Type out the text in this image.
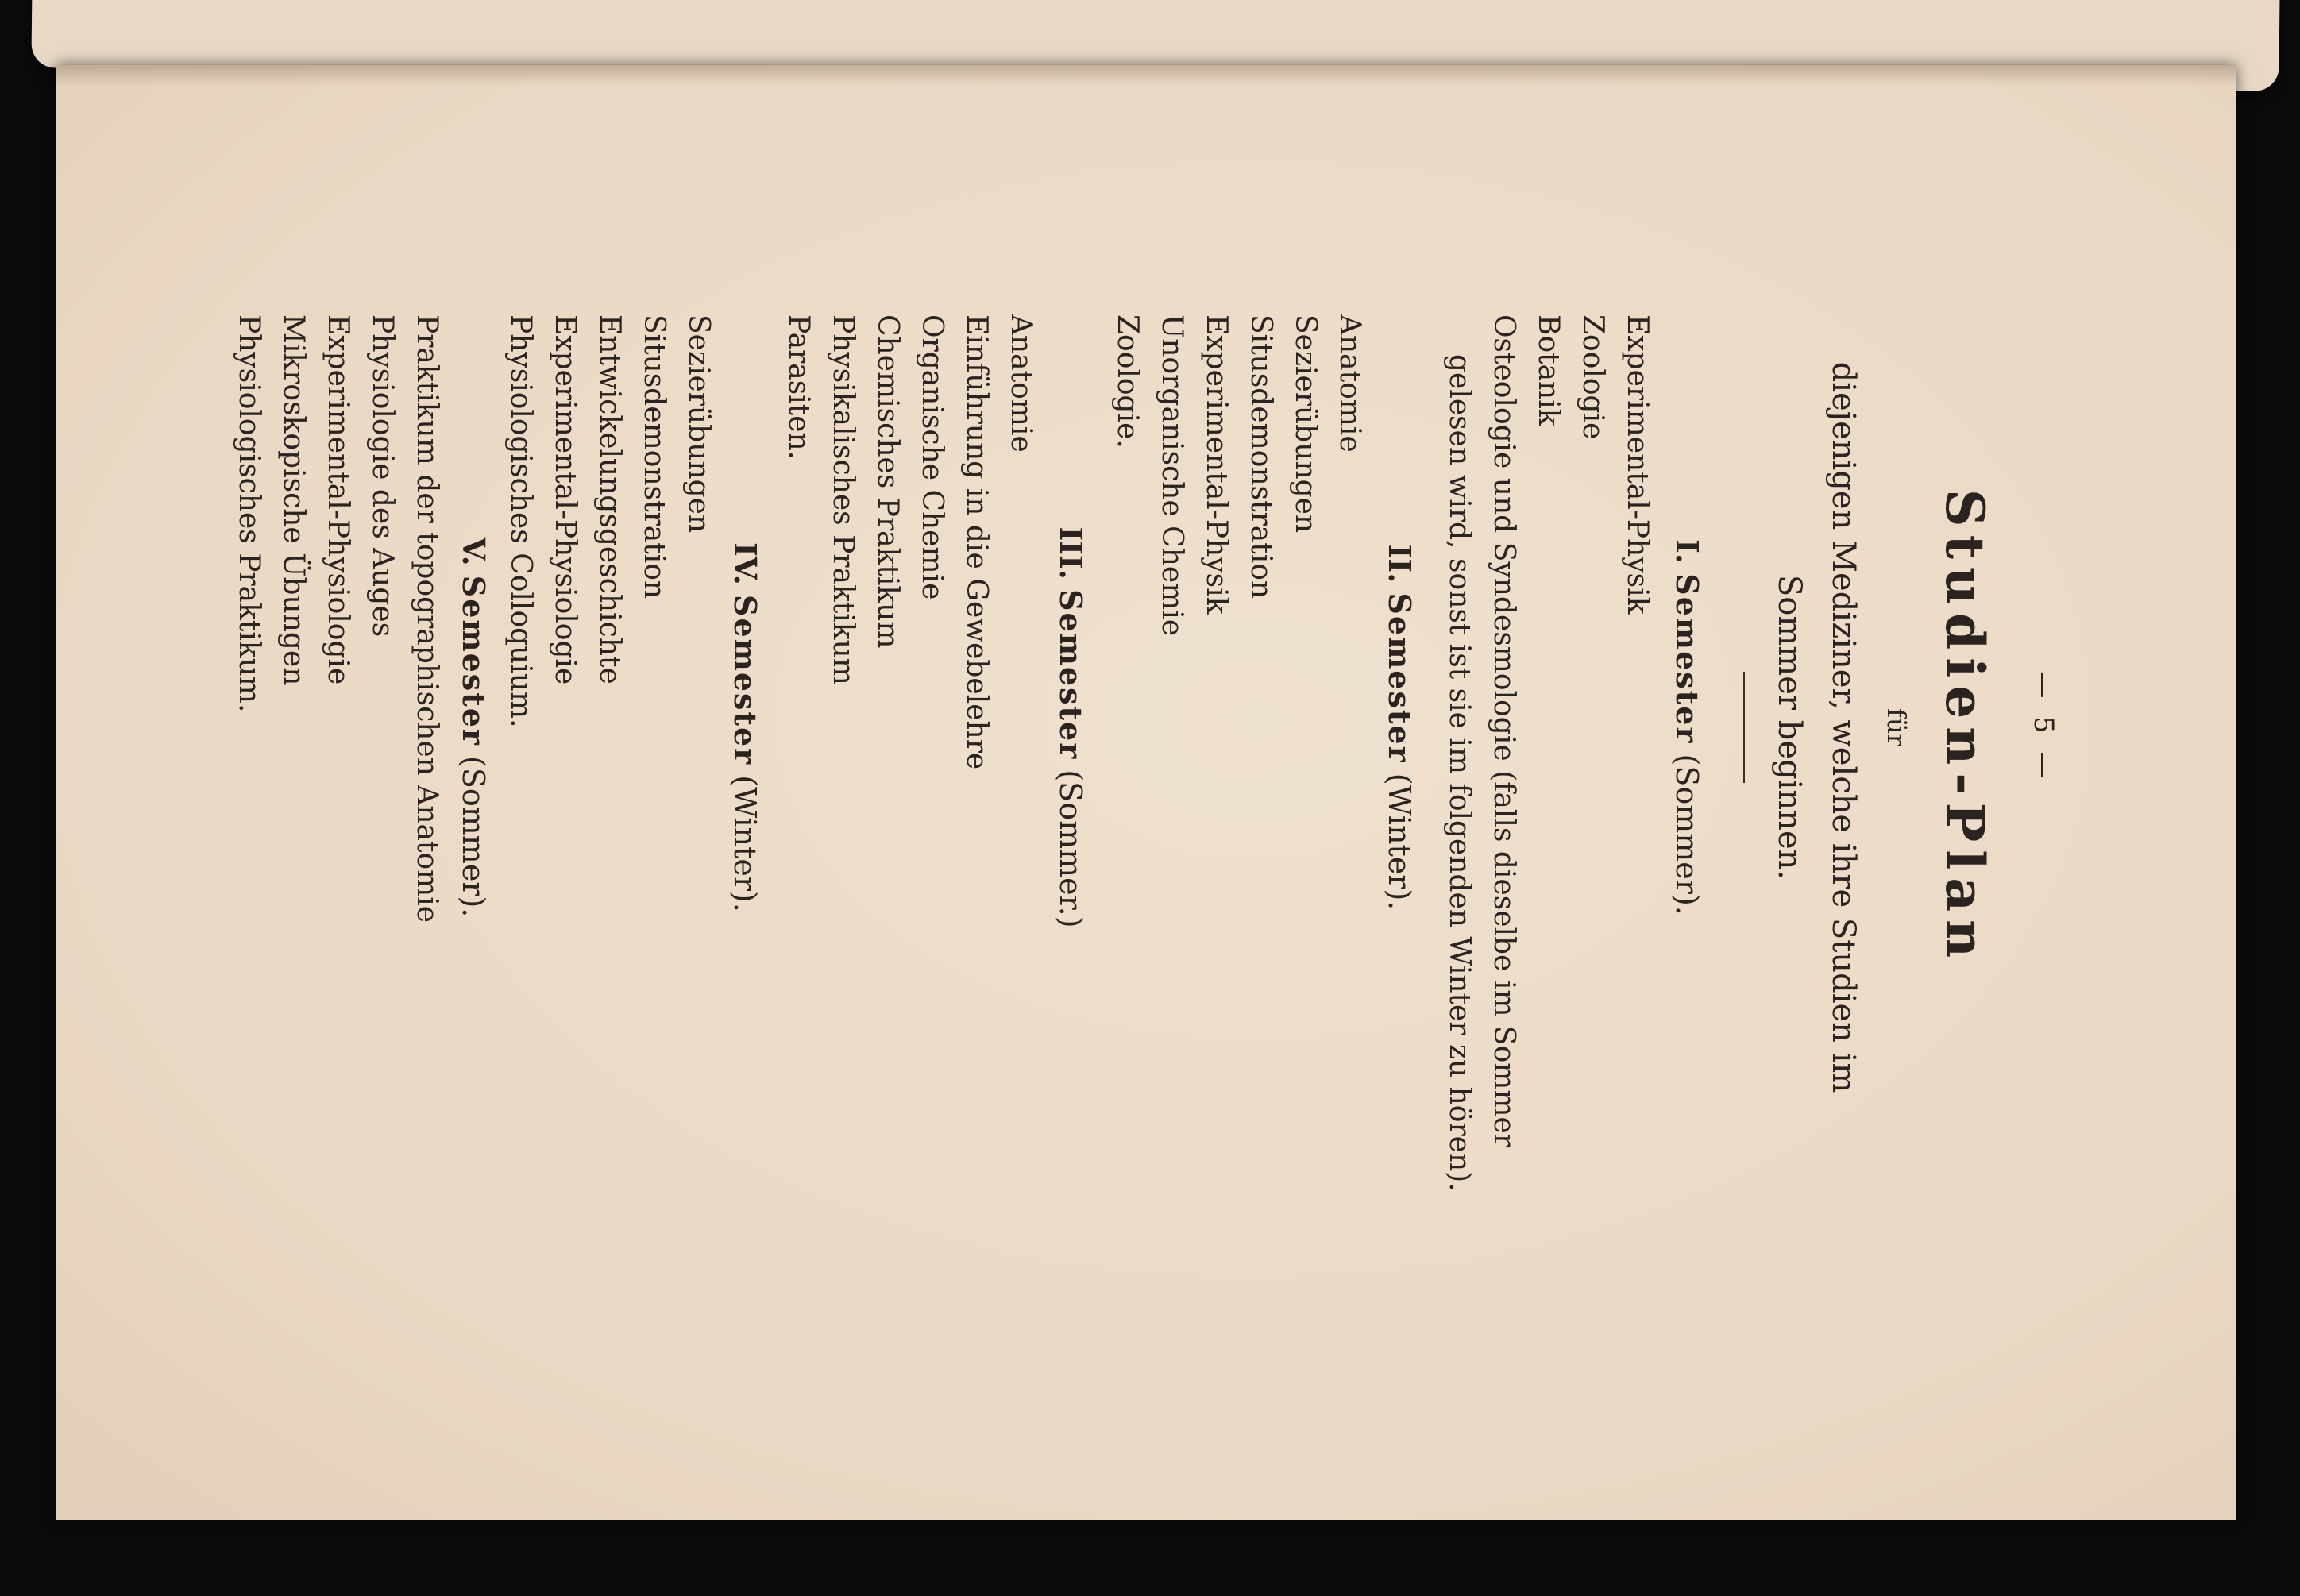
— 5 —
Studien-Plan
für
diejenigen Mediziner, welche ihre Studien im
Sommer beginnen.
I. Semester (Sommer).
Experimental-Physik
Zoologie
Botanik
Osteologie und Syndesmologie (falls dieselbe im Sommer gelesen wird, sonst ist sie im folgenden Winter zu hören).
II. Semester (Winter).
Anatomie
Sezierübungen
Situsdemonstration
Experimental-Physik
Unorganische Chemie
Zoologie.
III. Semester (Sommer.)
Anatomie
Einführung in die Gewebelehre
Organische Chemie
Chemisches Praktikum
Physikalisches Praktikum
Parasiten.
IV. Semester (Winter).
Sezierübungen
Situsdemonstration
Entwickelungsgeschichte
Experimental-Physiologie
Physiologisches Colloquium.
V. Semester (Sommer).
Praktikum der topographischen Anatomie
Physiologie des Auges
Experimental-Physiologie
Mikroskopische Übungen
Physiologisches Praktikum.
